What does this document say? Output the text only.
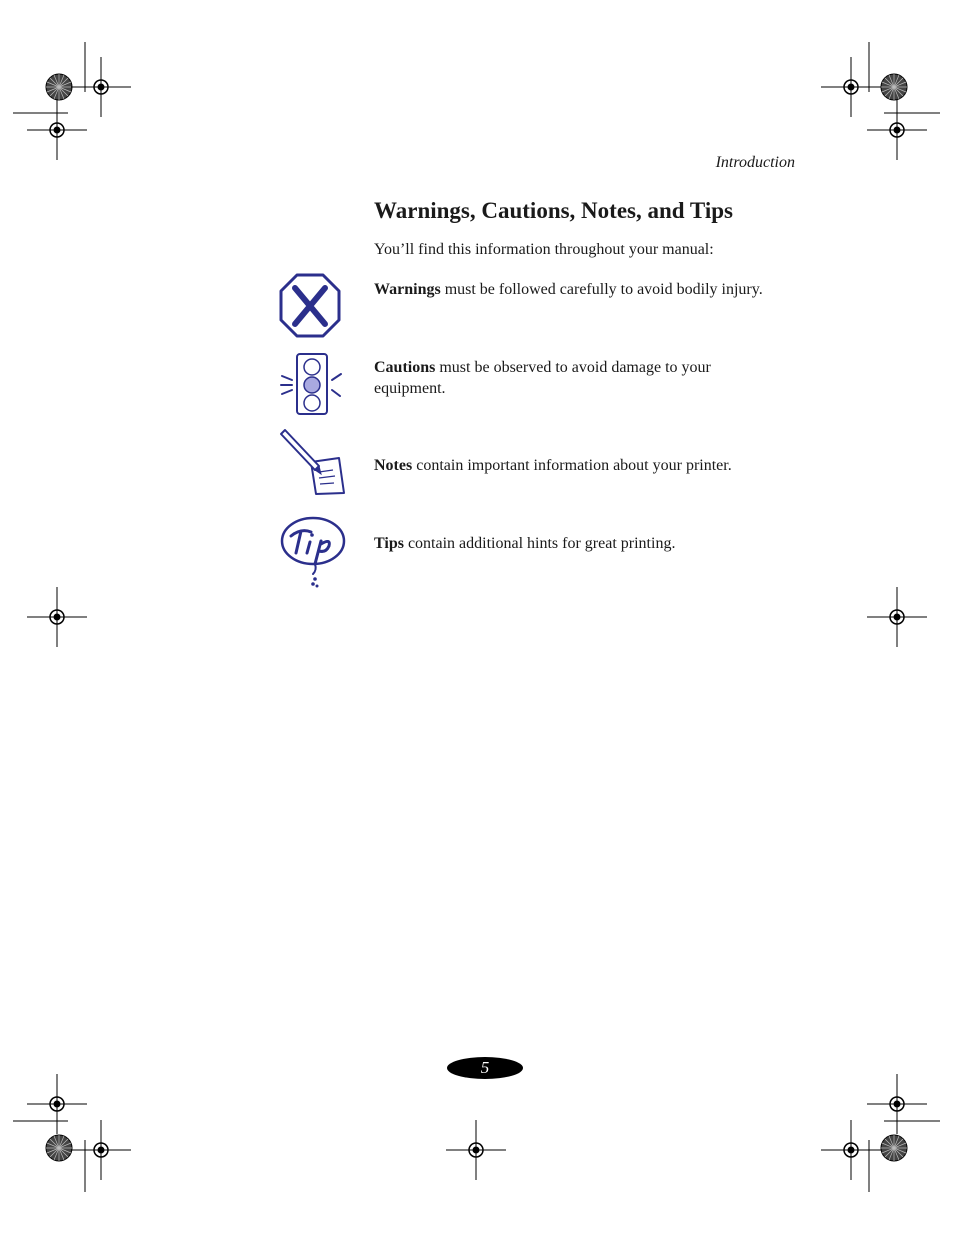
Introduction
Warnings, Cautions, Notes, and Tips
You’ll find this information throughout your manual:
Warnings must be followed carefully to avoid bodily injury.
Cautions must be observed to avoid damage to your equipment.
Notes contain important information about your printer.
Tips contain additional hints for great printing.
5
